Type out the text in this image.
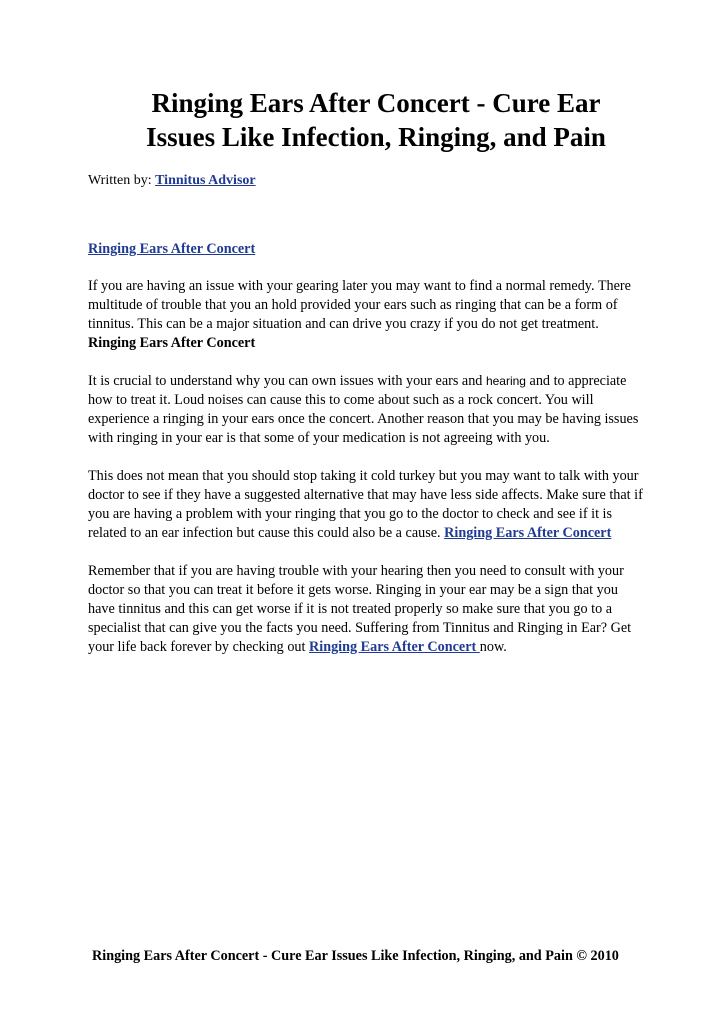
Ringing Ears After Concert - Cure Ear
Issues Like Infection, Ringing, and Pain
Written by: Tinnitus Advisor

Ringing Ears After Concert

If you are having an issue with your gearing later you may want to find a normal remedy. There multitude of trouble that you an hold provided your ears such as ringing that can be a form of tinnitus. This can be a major situation and can drive you crazy if you do not get treatment. Ringing Ears After Concert

It is crucial to understand why you can own issues with your ears and hearing and to appreciate how to treat it. Loud noises can cause this to come about such as a rock concert. You will experience a ringing in your ears once the concert. Another reason that you may be having issues with ringing in your ear is that some of your medication is not agreeing with you.

This does not mean that you should stop taking it cold turkey but you may want to talk with your doctor to see if they have a suggested alternative that may have less side affects. Make sure that if you are having a problem with your ringing that you go to the doctor to check and see if it is related to an ear infection but cause this could also be a cause. Ringing Ears After Concert

Remember that if you are having trouble with your hearing then you need to consult with your doctor so that you can treat it before it gets worse. Ringing in your ear may be a sign that you have tinnitus and this can get worse if it is not treated properly so make sure that you go to a specialist that can give you the facts you need. Suffering from Tinnitus and Ringing in Ear? Get your life back forever by checking out Ringing Ears After Concert now.

Ringing Ears After Concert - Cure Ear Issues Like Infection, Ringing, and Pain © 2010
